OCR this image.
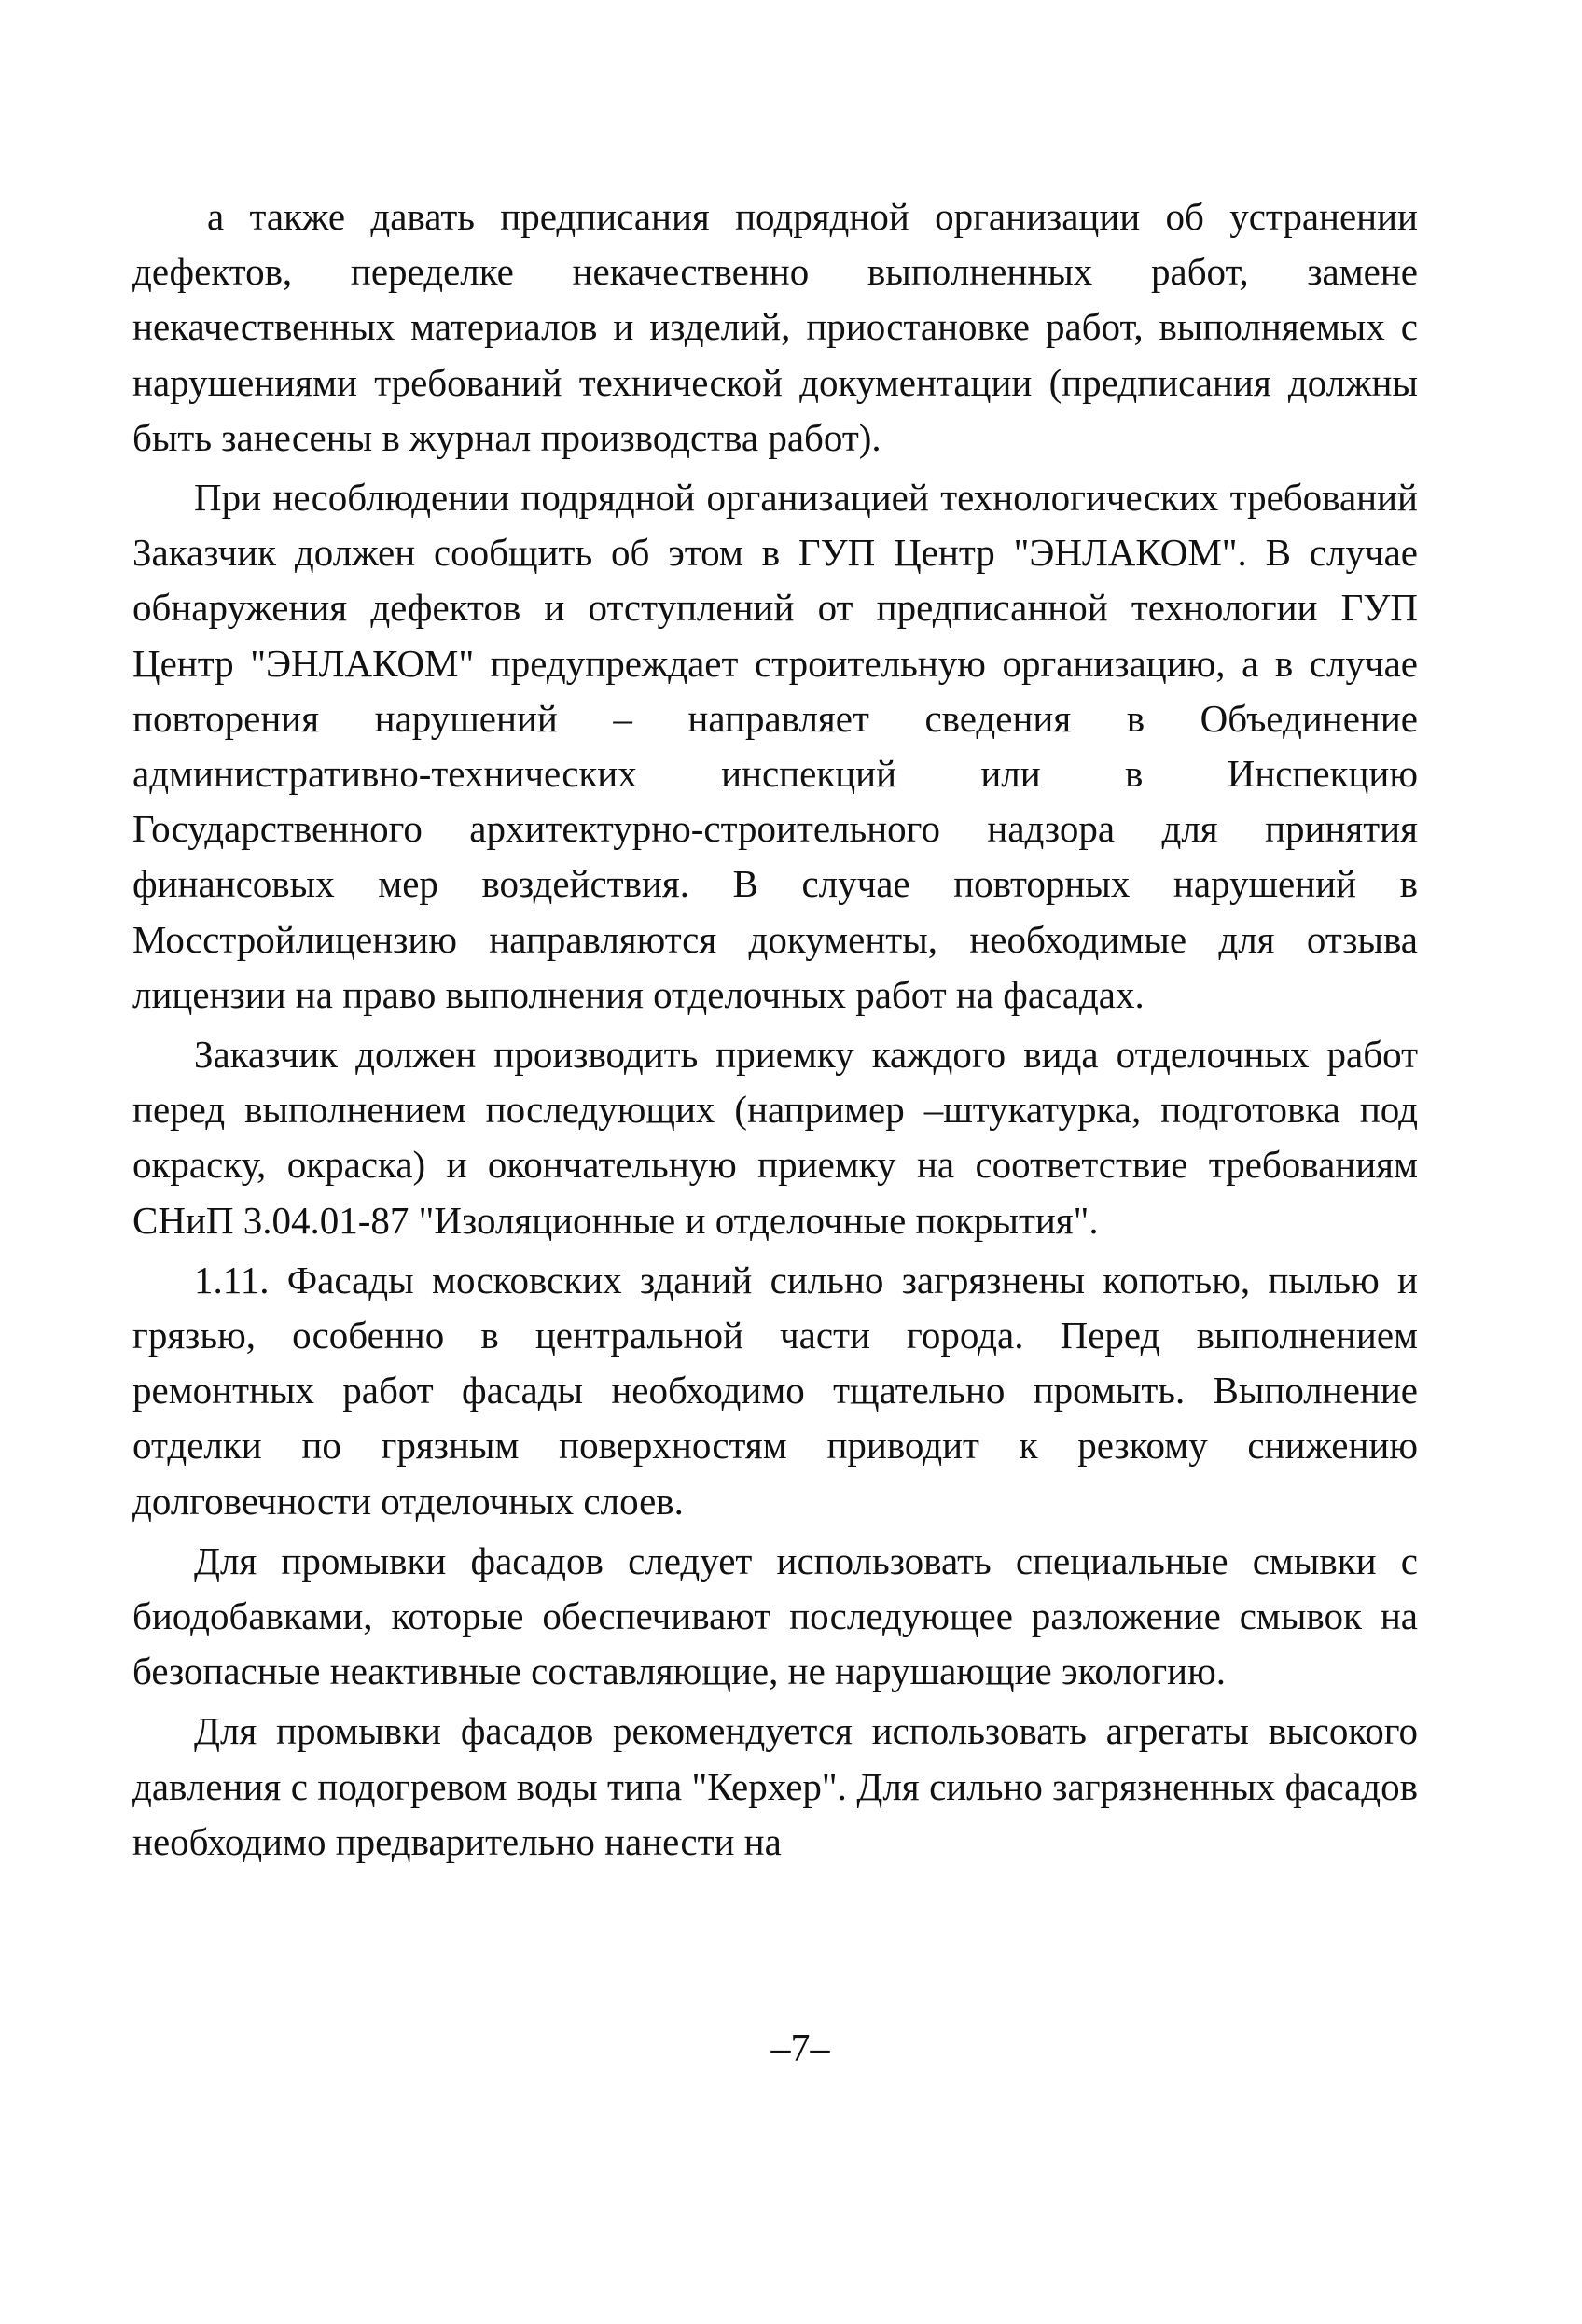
а также давать предписания подрядной организации об устранении дефектов, переделке некачественно выполненных работ, замене некачественных материалов и изделий, приостановке работ, выполняемых с нарушениями требований технической документации (предписания должны быть занесены в журнал производства работ).

При несоблюдении подрядной организацией технологических требований Заказчик должен сообщить об этом в ГУП Центр "ЭНЛАКОМ". В случае обнаружения дефектов и отступлений от предписанной технологии ГУП Центр "ЭНЛАКОМ" предупреждает строительную организацию, а в случае повторения нарушений – направляет сведения в Объединение административно-технических инспекций или в Инспекцию Государственного архитектурно-строительного надзора для принятия финансовых мер воздействия. В случае повторных нарушений в Мосстройлицензию направляются документы, необходимые для отзыва лицензии на право выполнения отделочных работ на фасадах.

Заказчик должен производить приемку каждого вида отделочных работ перед выполнением последующих (например –штукатурка, подготовка под окраску, окраска) и окончательную приемку на соответствие требованиям СНиП 3.04.01-87 "Изоляционные и отделочные покрытия".

1.11. Фасады московских зданий сильно загрязнены копотью, пылью и грязью, особенно в центральной части города. Перед выполнением ремонтных работ фасады необходимо тщательно промыть. Выполнение отделки по грязным поверхностям приводит к резкому снижению долговечности отделочных слоев.

Для промывки фасадов следует использовать специальные смывки с биодобавками, которые обеспечивают последующее разложение смывок на безопасные неактивные составляющие, не нарушающие экологию.

Для промывки фасадов рекомендуется использовать агрегаты высокого давления с подогревом воды типа "Керхер". Для сильно загрязненных фасадов необходимо предварительно нанести на

–7–
